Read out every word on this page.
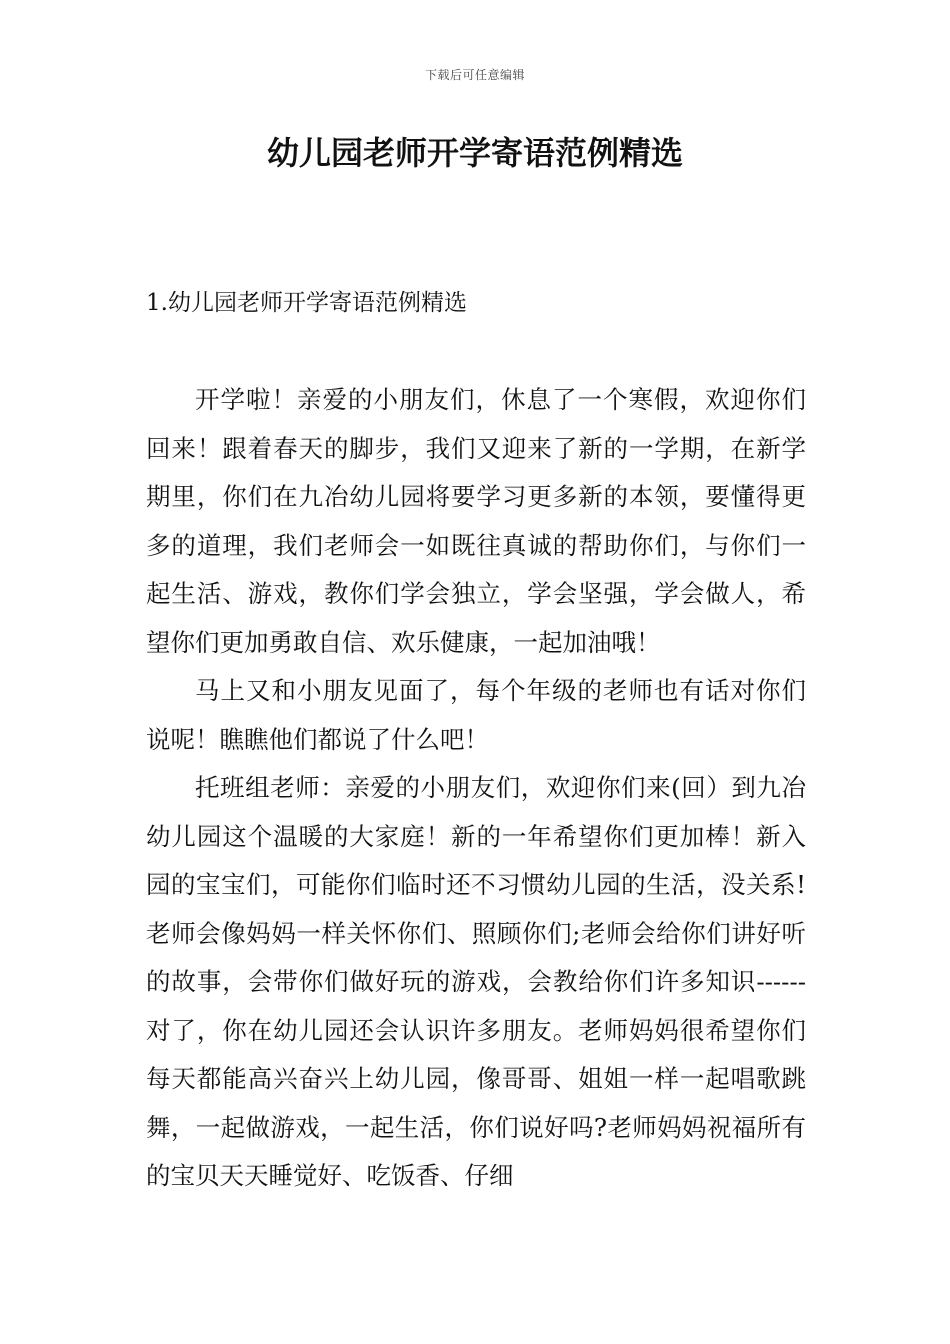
下载后可任意编辑
幼儿园老师开学寄语范例精选
1.幼儿园老师开学寄语范例精选

开学啦！亲爱的小朋友们，休息了一个寒假，欢迎你们回来！跟着春天的脚步，我们又迎来了新的一学期，在新学期里，你们在九冶幼儿园将要学习更多新的本领，要懂得更多的道理，我们老师会一如既往真诚的帮助你们，与你们一起生活、游戏，教你们学会独立，学会坚强，学会做人，希望你们更加勇敢自信、欢乐健康，一起加油哦！

马上又和小朋友见面了，每个年级的老师也有话对你们说呢！瞧瞧他们都说了什么吧！

托班组老师：亲爱的小朋友们，欢迎你们来(回）到九冶幼儿园这个温暖的大家庭！新的一年希望你们更加棒！新入园的宝宝们，可能你们临时还不习惯幼儿园的生活，没关系!老师会像妈妈一样关怀你们、照顾你们;老师会给你们讲好听的故事，会带你们做好玩的游戏，会教给你们许多知识------对了，你在幼儿园还会认识许多朋友。老师妈妈很希望你们每天都能高兴奋兴上幼儿园，像哥哥、姐姐一样一起唱歌跳舞，一起做游戏，一起生活，你们说好吗?老师妈妈祝福所有的宝贝天天睡觉好、吃饭香、仔细
